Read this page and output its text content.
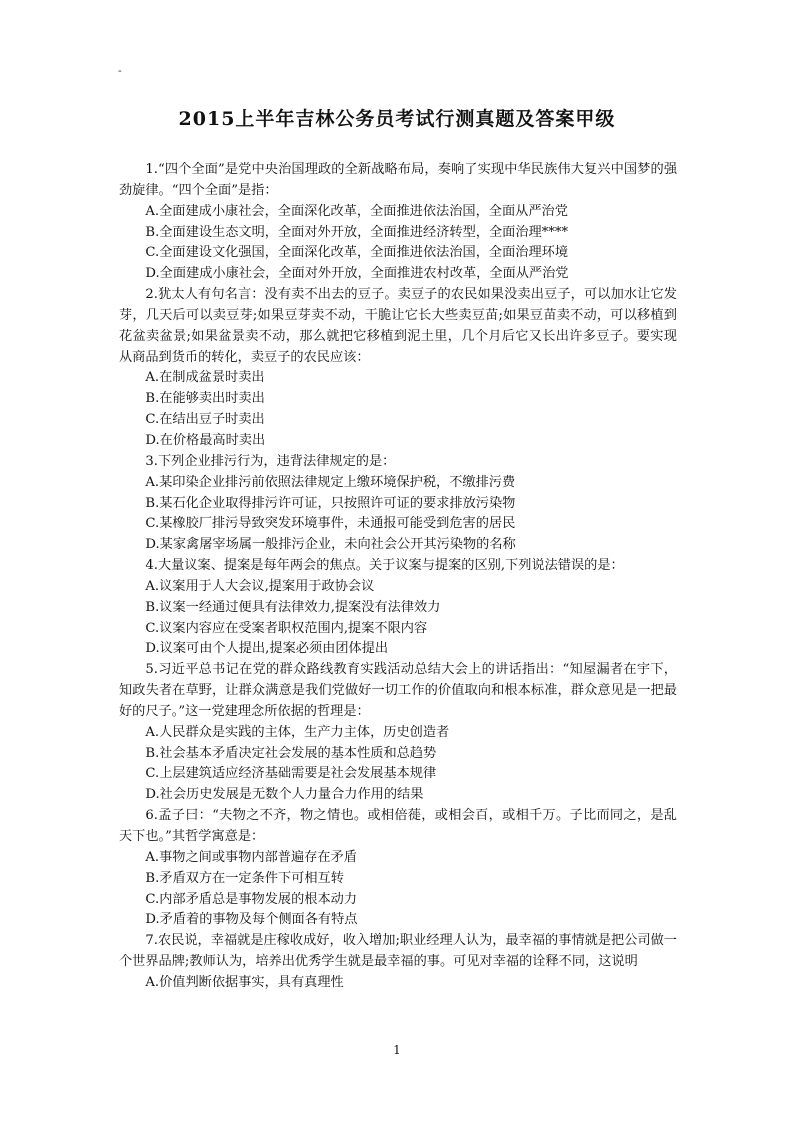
-
2015上半年吉林公务员考试行测真题及答案甲级

1.“四个全面”是党中央治国理政的全新战略布局，奏响了实现中华民族伟大复兴中国梦的强劲旋律。“四个全面”是指：

A.全面建成小康社会，全面深化改革，全面推进依法治国，全面从严治党

B.全面建设生态文明，全面对外开放，全面推进经济转型，全面治理****

C.全面建设文化强国，全面深化改革，全面推进依法治国，全面治理环境

D.全面建成小康社会，全面对外开放，全面推进农村改革，全面从严治党

2.犹太人有句名言：没有卖不出去的豆子。卖豆子的农民如果没卖出豆子，可以加水让它发芽，几天后可以卖豆芽;如果豆芽卖不动，干脆让它长大些卖豆苗;如果豆苗卖不动，可以移植到花盆卖盆景;如果盆景卖不动，那么就把它移植到泥土里，几个月后它又长出许多豆子。要实现从商品到货币的转化，卖豆子的农民应该：

A.在制成盆景时卖出

B.在能够卖出时卖出

C.在结出豆子时卖出

D.在价格最高时卖出

3.下列企业排污行为，违背法律规定的是：

A.某印染企业排污前依照法律规定上缴环境保护税，不缴排污费

B.某石化企业取得排污许可证，只按照许可证的要求排放污染物

C.某橡胶厂排污导致突发环境事件，未通报可能受到危害的居民

D.某家禽屠宰场属一般排污企业，未向社会公开其污染物的名称

4.大量议案、提案是每年两会的焦点。关于议案与提案的区别,下列说法错误的是：

A.议案用于人大会议,提案用于政协会议

B.议案一经通过便具有法律效力,提案没有法律效力

C.议案内容应在受案者职权范围内,提案不限内容

D.议案可由个人提出,提案必须由团体提出

5.习近平总书记在党的群众路线教育实践活动总结大会上的讲话指出：“知屋漏者在宇下，知政失者在草野，让群众满意是我们党做好一切工作的价值取向和根本标准，群众意见是一把最好的尺子。”这一党建理念所依据的哲理是：

A.人民群众是实践的主体，生产力主体，历史创造者

B.社会基本矛盾决定社会发展的基本性质和总趋势

C.上层建筑适应经济基础需要是社会发展基本规律

D.社会历史发展是无数个人力量合力作用的结果

6.孟子曰：“夫物之不齐，物之情也。或相倍蓰，或相会百，或相千万。子比而同之，是乱天下也。”其哲学寓意是：

A.事物之间或事物内部普遍存在矛盾

B.矛盾双方在一定条件下可相互转

C.内部矛盾总是事物发展的根本动力

D.矛盾着的事物及每个侧面各有特点

7.农民说，幸福就是庄稼收成好，收入增加;职业经理人认为，最幸福的事情就是把公司做一个世界品牌;教师认为，培养出优秀学生就是最幸福的事。可见对幸福的诠释不同，这说明

A.价值判断依据事实，具有真理性

1
